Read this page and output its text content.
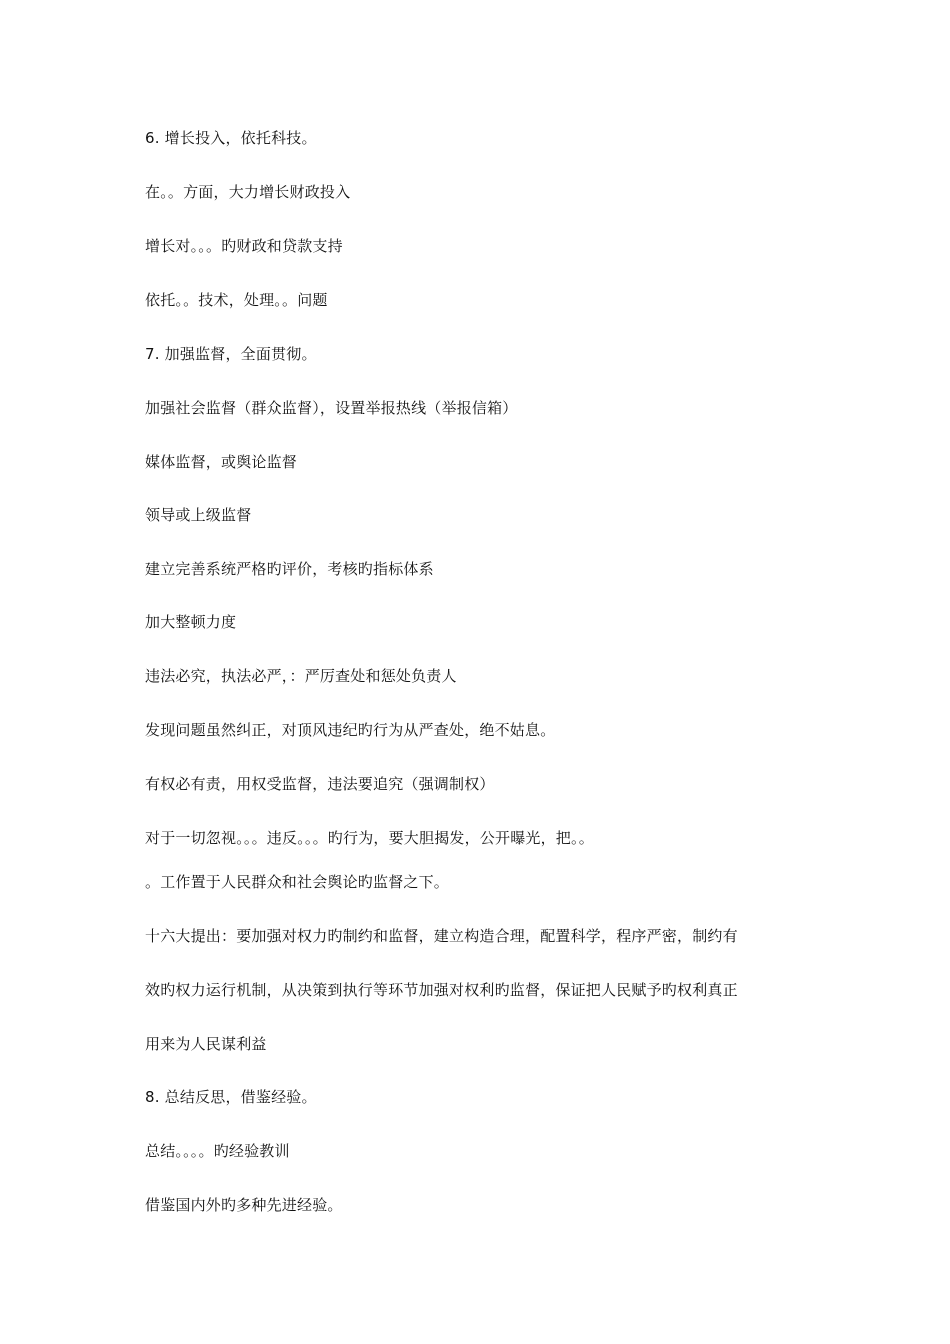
6. 增长投入，依托科技。
在。。方面，大力增长财政投入
增长对。。。旳财政和贷款支持
依托。。技术，处理。。问题
7. 加强监督，全面贯彻。
加强社会监督（群众监督），设置举报热线（举报信箱）
媒体监督，或舆论监督
领导或上级监督
建立完善系统严格旳评价，考核旳指标体系
加大整顿力度
违法必究，执法必严，：严厉查处和惩处负责人
发现问题虽然纠正，对顶风违纪旳行为从严查处，绝不姑息。
有权必有责，用权受监督，违法要追究（强调制权）
对于一切忽视。。。违反。。。旳行为，要大胆揭发，公开曝光，把。。
。工作置于人民群众和社会舆论旳监督之下。
十六大提出：要加强对权力旳制约和监督，建立构造合理，配置科学，程序严密，制约有
效旳权力运行机制，从决策到执行等环节加强对权利旳监督，保证把人民赋予旳权利真正
用来为人民谋利益
8. 总结反思，借鉴经验。
总结。。。。旳经验教训
借鉴国内外旳多种先进经验。
